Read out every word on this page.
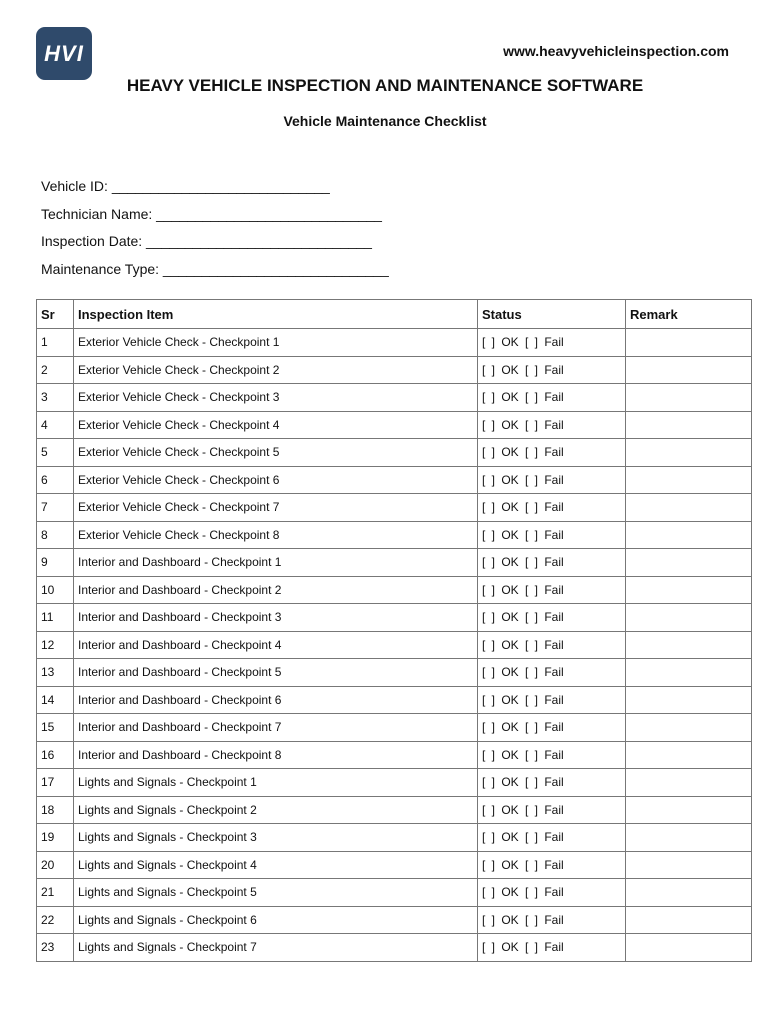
HVI	www.heavyvehicleinspection.com
HEAVY VEHICLE INSPECTION AND MAINTENANCE SOFTWARE
Vehicle Maintenance Checklist
Vehicle ID: ____________________________
Technician Name: _____________________________
Inspection Date: _____________________________
Maintenance Type: _____________________________
Sr	Inspection Item	Status	Remark
1	Exterior Vehicle Check - Checkpoint 1	[ ] OK [ ] Fail	
2	Exterior Vehicle Check - Checkpoint 2	[ ] OK [ ] Fail	
3	Exterior Vehicle Check - Checkpoint 3	[ ] OK [ ] Fail	
4	Exterior Vehicle Check - Checkpoint 4	[ ] OK [ ] Fail	
5	Exterior Vehicle Check - Checkpoint 5	[ ] OK [ ] Fail	
6	Exterior Vehicle Check - Checkpoint 6	[ ] OK [ ] Fail	
7	Exterior Vehicle Check - Checkpoint 7	[ ] OK [ ] Fail	
8	Exterior Vehicle Check - Checkpoint 8	[ ] OK [ ] Fail	
9	Interior and Dashboard - Checkpoint 1	[ ] OK [ ] Fail	
10	Interior and Dashboard - Checkpoint 2	[ ] OK [ ] Fail	
11	Interior and Dashboard - Checkpoint 3	[ ] OK [ ] Fail	
12	Interior and Dashboard - Checkpoint 4	[ ] OK [ ] Fail	
13	Interior and Dashboard - Checkpoint 5	[ ] OK [ ] Fail	
14	Interior and Dashboard - Checkpoint 6	[ ] OK [ ] Fail	
15	Interior and Dashboard - Checkpoint 7	[ ] OK [ ] Fail	
16	Interior and Dashboard - Checkpoint 8	[ ] OK [ ] Fail	
17	Lights and Signals - Checkpoint 1	[ ] OK [ ] Fail	
18	Lights and Signals - Checkpoint 2	[ ] OK [ ] Fail	
19	Lights and Signals - Checkpoint 3	[ ] OK [ ] Fail	
20	Lights and Signals - Checkpoint 4	[ ] OK [ ] Fail	
21	Lights and Signals - Checkpoint 5	[ ] OK [ ] Fail	
22	Lights and Signals - Checkpoint 6	[ ] OK [ ] Fail	
23	Lights and Signals - Checkpoint 7	[ ] OK [ ] Fail	
